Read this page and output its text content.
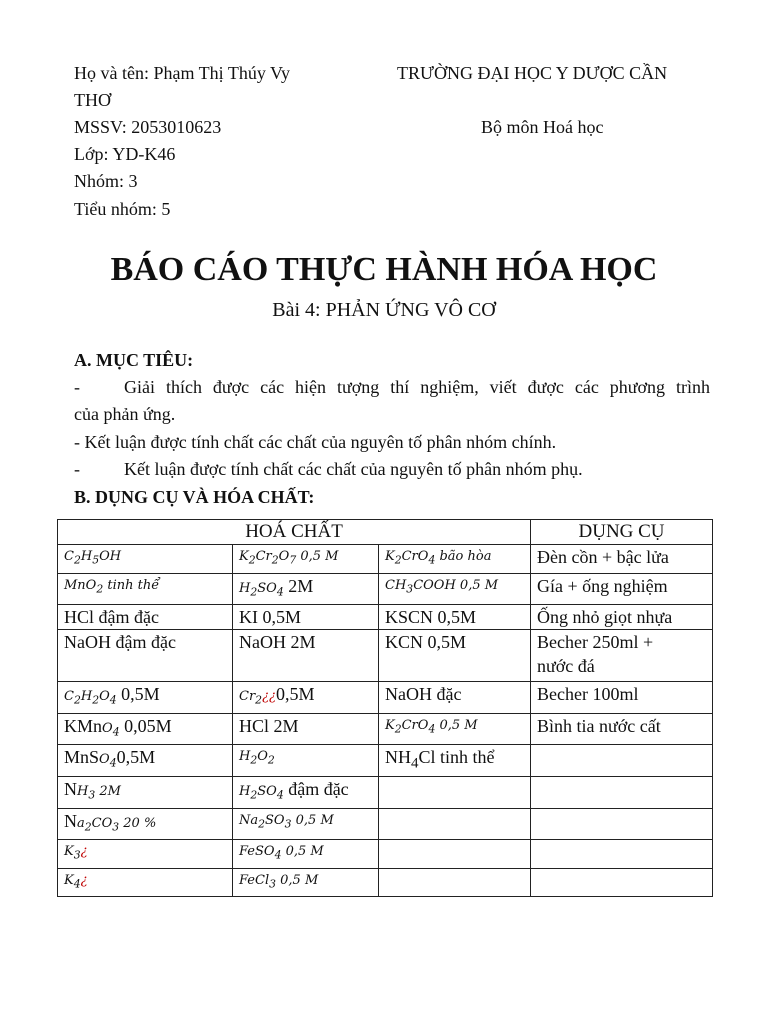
Họ và tên: Phạm Thị Thúy Vy	TRƯỜNG ĐẠI HỌC Y DƯỢC CẦN
THƠ
MSSV: 2053010623	Bộ môn Hoá học
Lớp: YD-K46
Nhóm: 3
Tiểu nhóm: 5
BÁO CÁO THỰC HÀNH HÓA HỌC
Bài 4: PHẢN ỨNG VÔ CƠ
A. MỤC TIÊU:
- Giải thích được các hiện tượng thí nghiệm, viết được các phương trình
của phản ứng.
- Kết luận được tính chất các chất của nguyên tố phân nhóm chính.
- Kết luận được tính chất các chất của nguyên tố phân nhóm phụ.
B. DỤNG CỤ VÀ HÓA CHẤT:
HOÁ CHẤT			DỤNG CỤ
$C_2H_5OH$	$K_2Cr_2O_7$ 0,5 M	$K_2CrO_4$ bão hòa	Đèn cồn + bậc lửa
MnO$_2$ tinh thể	$H_2SO_4$ 2M	$CH_3COOH$ 0,5 M	Gía + ống nghiệm
HCl đậm đặc	KI 0,5M	KSCN 0,5M	Ống nhỏ giọt nhựa
NaOH đậm đặc	NaOH 2M	KCN 0,5M	Becher 250ml +
nước đá
$C_2H_2O_4$ 0,5M	$Cr_2¿¿0,5M$	NaOH đặc	Becher 100ml
KMnO$_4$ 0,05M	HCl 2M	$K_2CrO_4$ 0,5 M	Bình tia nước cất
MnSO$_4$0,5M	$H_2O_2$	$NH_4Cl$ tinh thể	
$NH_3$ 2M	$H_2SO_4$ đậm đặc		
$Na_2CO_3$ 20 %	$Na_2SO_3$ 0,5 M		
$K_3¿$	FeSO$_4$ 0,5 M		
$K_4¿$	FeCl$_3$ 0,5 M		
